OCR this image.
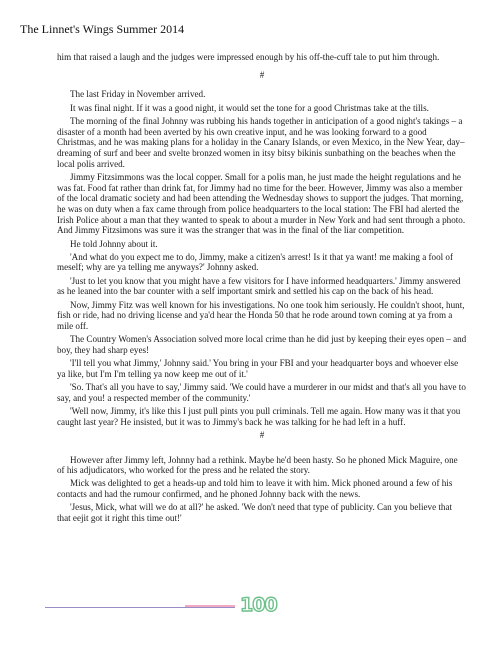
The Linnet's Wings Summer 2014

him that raised a laugh and the judges were impressed enough by his off-the-cuff tale to put him through.

#

The last Friday in November arrived.

It was final night. If it was a good night, it would set the tone for a good Christmas take at the tills.

The morning of the final Johnny was rubbing his hands together in anticipation of a good night's takings – a disaster of a month had been averted by his own creative input, and he was looking forward to a good Christmas, and he was making plans for a holiday in the Canary Islands, or even Mexico, in the New Year, day–dreaming of surf and beer and svelte bronzed women in itsy bitsy bikinis sunbathing on the beaches when the local polis arrived.

Jimmy Fitzsimmons was the local copper. Small for a polis man, he just made the height regulations and he was fat. Food fat rather than drink fat, for Jimmy had no time for the beer. However, Jimmy was also a member of the local dramatic society and had been attending the Wednesday shows to support the judges. That morning, he was on duty when a fax came through from police headquarters to the local station: The FBI had alerted the Irish Police about a man that they wanted to speak to about a murder in New York and had sent through a photo. And Jimmy Fitzsimons was sure it was the stranger that was in the final of the liar competition.

He told Johnny about it.

'And what do you expect me to do, Jimmy, make a citizen's arrest! Is it that ya want! me making a fool of meself; why are ya telling me anyways?' Johnny asked.

'Just to let you know that you might have a few visitors for I have informed headquarters.' Jimmy answered as he leaned into the bar counter with a self important smirk and settled his cap on the back of his head.

Now, Jimmy Fitz was well known for his investigations. No one took him seriously. He couldn't shoot, hunt, fish or ride, had no driving license and ya'd hear the Honda 50 that he rode around town coming at ya from a mile off.

The Country Women's Association solved more local crime than he did just by keeping their eyes open – and boy, they had sharp eyes!

'I'll tell you what Jimmy,' Johnny said.' You bring in your FBI and your headquarter boys and whoever else ya like, but I'm I'm telling ya now keep me out of it.'

'So. That's all you have to say,' Jimmy said. 'We could have a murderer in our midst and that's all you have to say, and you! a respected member of the community.'

'Well now, Jimmy, it's like this I just pull pints you pull criminals. Tell me again. How many was it that you caught last year? He insisted, but it was to Jimmy's back he was talking for he had left in a huff.

#

However after Jimmy left, Johnny had a rethink. Maybe he'd been hasty. So he phoned Mick Maguire, one of his adjudicators, who worked for the press and he related the story.

Mick was delighted to get a heads-up and told him to leave it with him. Mick phoned around a few of his contacts and had the rumour confirmed, and he phoned Johnny back with the news.

'Jesus, Mick, what will we do at all?' he asked. 'We don't need that type of publicity. Can you believe that that eejit got it right this time out!'

100
